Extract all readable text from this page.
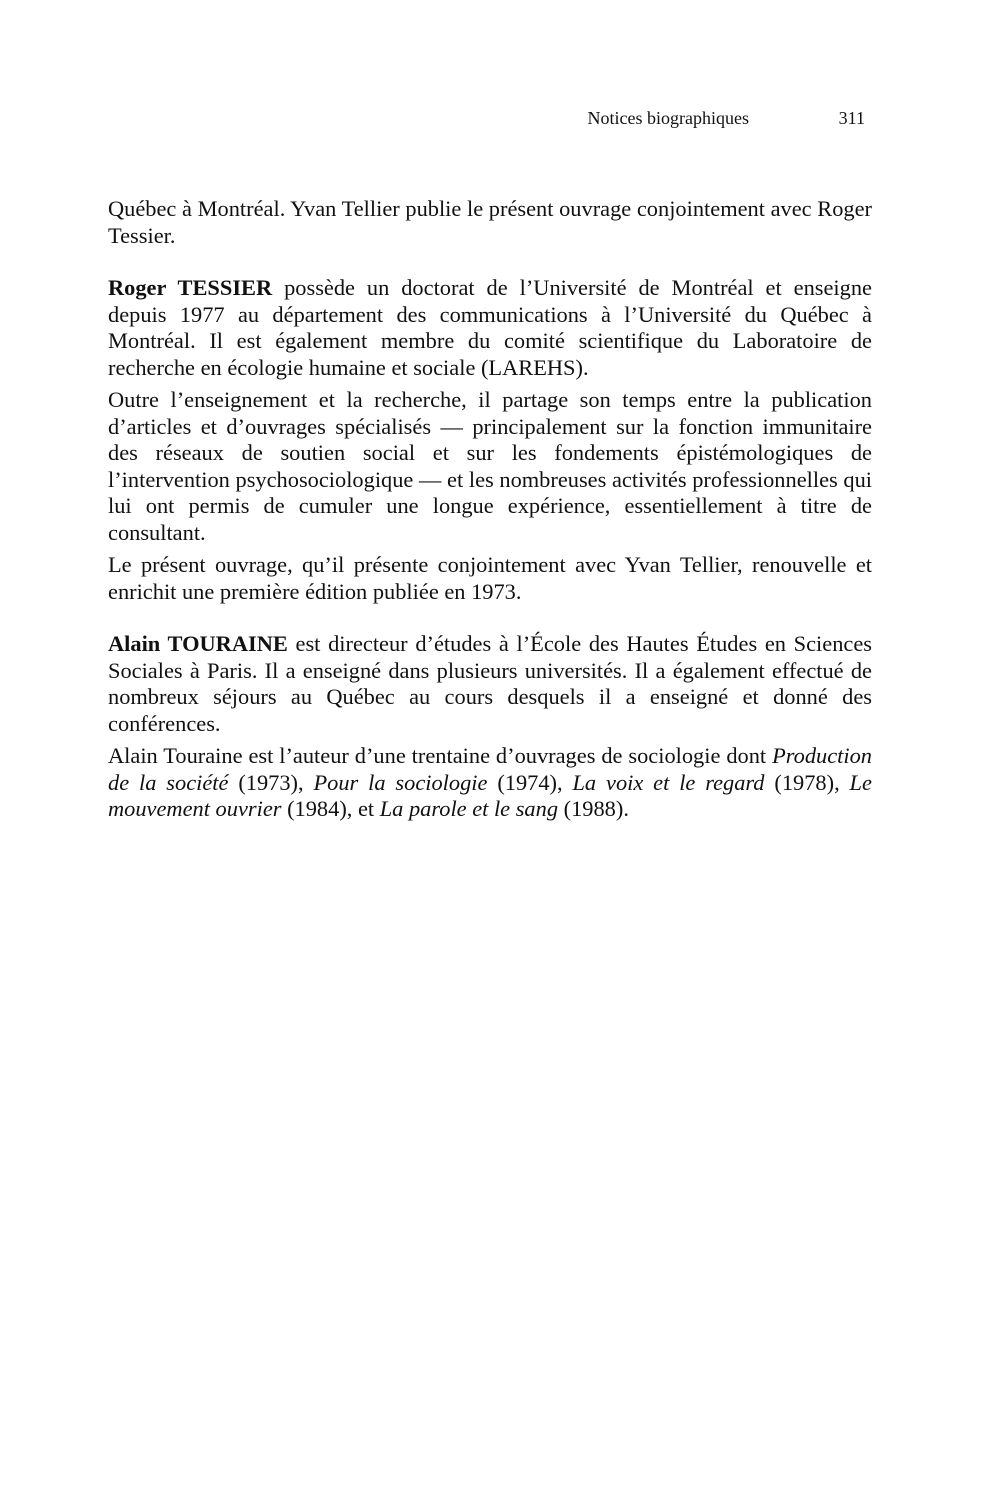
Notices biographiques	311

Québec à Montréal. Yvan Tellier publie le présent ouvrage conjointement avec Roger Tessier.

Roger TESSIER possède un doctorat de l’Université de Montréal et enseigne depuis 1977 au département des communications à l’Université du Québec à Montréal. Il est également membre du comité scientifique du Laboratoire de recherche en écologie humaine et sociale (LAREHS).

Outre l’enseignement et la recherche, il partage son temps entre la publication d’articles et d’ouvrages spécialisés — principalement sur la fonction immunitaire des réseaux de soutien social et sur les fondements épistémologiques de l’intervention psychosociologique — et les nombreuses activités professionnelles qui lui ont permis de cumuler une longue expérience, essentiellement à titre de consultant.

Le présent ouvrage, qu’il présente conjointement avec Yvan Tellier, renouvelle et enrichit une première édition publiée en 1973.

Alain TOURAINE est directeur d’études à l’École des Hautes Études en Sciences Sociales à Paris. Il a enseigné dans plusieurs universités. Il a également effectué de nombreux séjours au Québec au cours desquels il a enseigné et donné des conférences.

Alain Touraine est l’auteur d’une trentaine d’ouvrages de sociologie dont Production de la société (1973), Pour la sociologie (1974), La voix et le regard (1978), Le mouvement ouvrier (1984), et La parole et le sang (1988).
